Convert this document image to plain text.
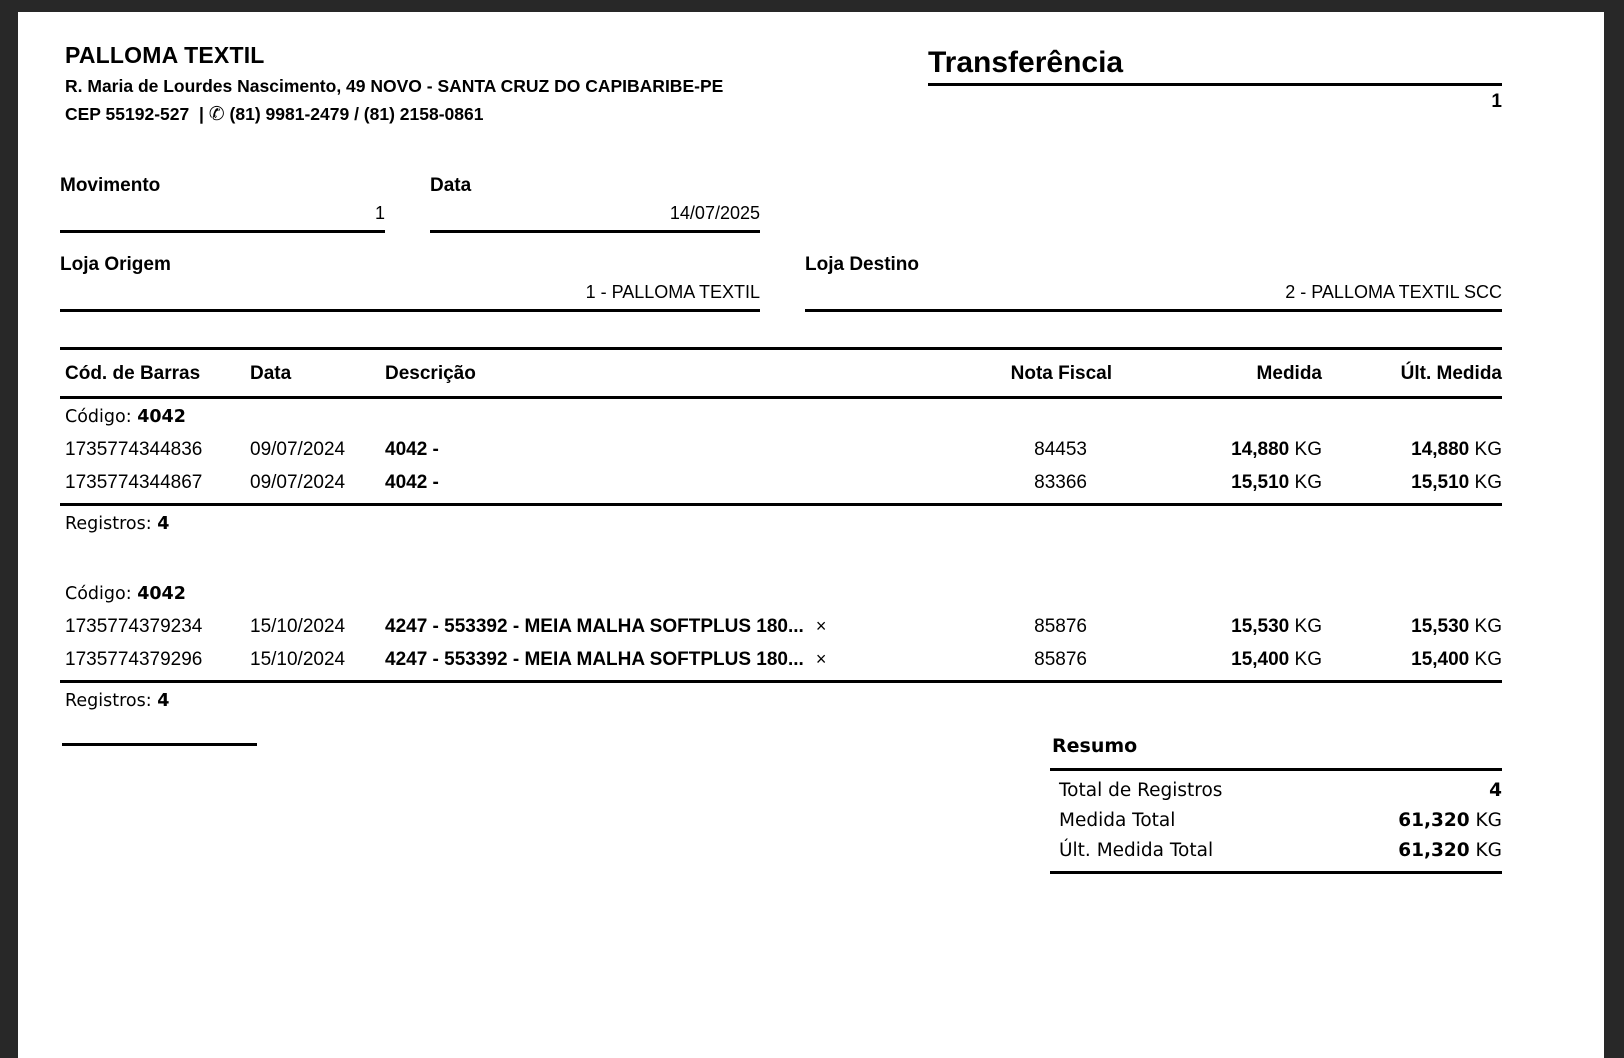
PALLOMA TEXTIL
R. Maria de Lourdes Nascimento, 49 NOVO - SANTA CRUZ DO CAPIBARIBE-PE
CEP 55192-527 | ✆ (81) 9981-2479 / (81) 2158-0861
Transferência
1
Movimento
1
Data
14/07/2025
Loja Origem
1 - PALLOMA TEXTIL
Loja Destino
2 - PALLOMA TEXTIL SCC
Cód. de Barras	Data	Descrição	Nota Fiscal	Medida	Últ. Medida
Código: 4042
1735774344836	09/07/2024	4042 -	84453	14,880 KG	14,880 KG
1735774344867	09/07/2024	4042 -	83366	15,510 KG	15,510 KG
Registros: 4
Código: 4042
1735774379234	15/10/2024	4247 - 553392 - MEIA MALHA SOFTPLUS 180... ×	85876	15,530 KG	15,530 KG
1735774379296	15/10/2024	4247 - 553392 - MEIA MALHA SOFTPLUS 180... ×	85876	15,400 KG	15,400 KG
Registros: 4
Resumo
Total de Registros	4
Medida Total	61,320 KG
Últ. Medida Total	61,320 KG
